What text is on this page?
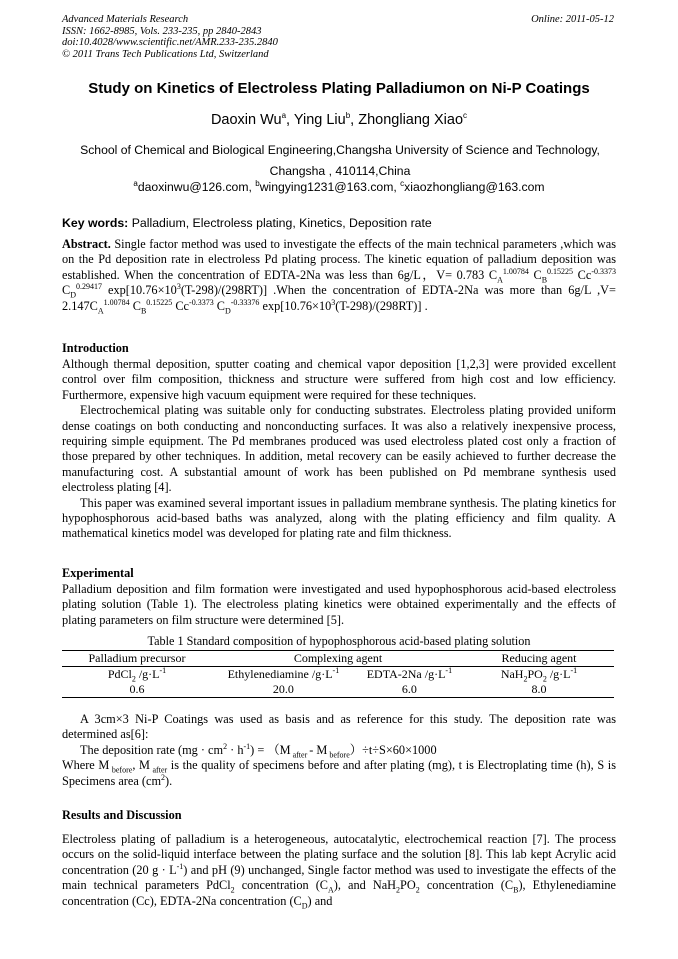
Advanced Materials Research
ISSN: 1662-8985, Vols. 233-235, pp 2840-2843
doi:10.4028/www.scientific.net/AMR.233-235.2840
© 2011 Trans Tech Publications Ltd, Switzerland
Online: 2011-05-12
Study on Kinetics of Electroless Plating Palladiumon on Ni-P Coatings
Daoxin Wu$^a$, Ying Liu$^b$, Zhongliang Xiao$^c$
School of Chemical and Biological Engineering,Changsha University of Science and Technology,
Changsha , 410114,China
$^a$daoxinwu@126.com, $^b$wingying1231@163.com, $^c$xiaozhongliang@163.com
Key words: Palladium, Electroless plating, Kinetics, Deposition rate
Abstract. Single factor method was used to investigate the effects of the main technical parameters ,which was on the Pd deposition rate in electroless Pd plating process. The kinetic equation of palladium deposition was established. When the concentration of EDTA-2Na was less than 6g/L，V= 0.783 $C_A^{1.00784}$ $C_B^{0.15225}$ $Cc^{-0.3373}$ $C_D^{0.29417}$ $\exp[10.76\times 10^3(T-298)/(298RT)]$ .When the concentration of EDTA-2Na was more than 6g/L $,V= 2.147C_A^{1.00784}$ $C_B^{0.15225}$ $Cc^{-0.3373}$ $C_D^{-0.33376}$ $\exp[10.76\times 10^3(T-298)/(298RT)]$ .
Introduction

Although thermal deposition, sputter coating and chemical vapor deposition [1,2,3] were provided excellent control over film composition, thickness and structure were suffered from high cost and low efficiency. Furthermore, expensive high vacuum equipment were required for these techniques.

Electrochemical plating was suitable only for conducting substrates. Electroless plating provided uniform dense coatings on both conducting and nonconducting surfaces. It was also a relatively inexpensive process, requiring simple equipment. The Pd membranes produced was used electroless plated cost only a fraction of those prepared by other techniques. In addition, metal recovery can be easily achieved to further decrease the manufacturing cost. A substantial amount of work has been published on Pd membrane synthesis used electroless plating [4].

This paper was examined several important issues in palladium membrane synthesis. The plating kinetics for hypophosphorous acid-based baths was analyzed, along with the plating efficiency and film quality. A mathematical kinetics model was developed for plating rate and film thickness.

Experimental

Palladium deposition and film formation were investigated and used hypophosphorous acid-based electroless plating solution (Table 1). The electroless plating kinetics were obtained experimentally and the effects of plating parameters on film structure were determined [5].

Table 1 Standard composition of hypophosphorous acid-based plating solution
Palladium precursor	Complexing agent		Reducing agent
PdCl$_2$ $/g\cdot L^{-1}$	Ethylenediamine $/g\cdot L^{-1}$	EDTA-2Na $/g\cdot L^{-1}$	$NaH_2PO_2$ $/g\cdot L^{-1}$
0.6	20.0	6.0	8.0

A 3cm×3 Ni-P Coatings was used as basis and as reference for this study. The deposition rate was determined as[6]:

The deposition rate $(mg \cdot cm^2 \cdot h^{-1}) = (M$ $_{after}$ - M $_{before}$）÷t÷S×60×1000

Where M $_{before}$, M $_{after}$ is the quality of specimens before and after plating (mg), t is Electroplating time (h), S is Specimens area $(cm^2)$.

Results and Discussion

Electroless plating of palladium is a heterogeneous, autocatalytic, electrochemical reaction [7]. The process occurs on the solid-liquid interface between the plating surface and the solution [8]. This lab kept Acrylic acid concentration (20 $g \cdot L^{-1}$) and pH (9) unchanged, Single factor method was used to investigate the effects of the main technical parameters PdCl$_2$ concentration $(C_A)$, and $NaH_2PO_2$ concentration $(C_B)$, Ethylenediamine concentration (Cc), EDTA-2Na concentration $(C_D)$ and
